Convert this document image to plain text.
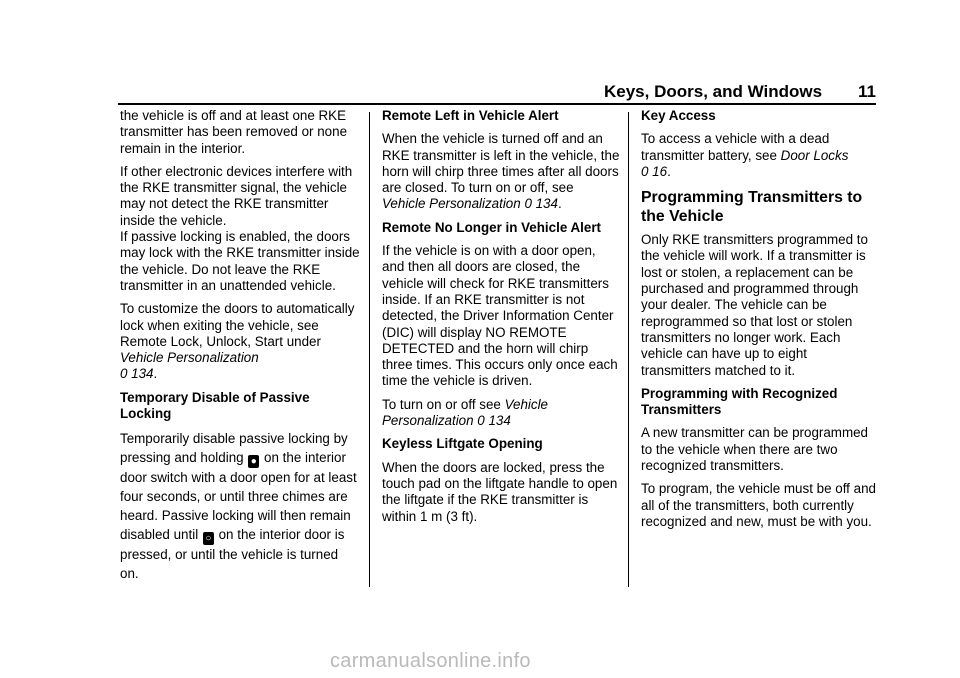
Keys, Doors, and Windows 11

the vehicle is off and at least one RKE transmitter has been removed or none remain in the interior.

If other electronic devices interfere with the RKE transmitter signal, the vehicle may not detect the RKE transmitter inside the vehicle.

If passive locking is enabled, the doors may lock with the RKE transmitter inside the vehicle. Do not leave the RKE transmitter in an unattended vehicle.

To customize the doors to automatically lock when exiting the vehicle, see Remote Lock, Unlock, Start under Vehicle Personalization
0 134.

Temporary Disable of Passive Locking

Temporarily disable passive locking by pressing and holding ● on the interior door switch with a door open for at least four seconds, or until three chimes are heard. Passive locking will then remain disabled until ○ on the interior door is pressed, or until the vehicle is turned on.

Remote Left in Vehicle Alert

When the vehicle is turned off and an RKE transmitter is left in the vehicle, the horn will chirp three times after all doors are closed. To turn on or off, see Vehicle Personalization 0 134.

Remote No Longer in Vehicle Alert

If the vehicle is on with a door open, and then all doors are closed, the vehicle will check for RKE transmitters inside. If an RKE transmitter is not detected, the Driver Information Center (DIC) will display NO REMOTE DETECTED and the horn will chirp three times. This occurs only once each time the vehicle is driven.

To turn on or off see Vehicle Personalization 0 134

Keyless Liftgate Opening

When the doors are locked, press the touch pad on the liftgate handle to open the liftgate if the RKE transmitter is within 1 m (3 ft).

Key Access

To access a vehicle with a dead transmitter battery, see Door Locks
0 16.

Programming Transmitters to the Vehicle

Only RKE transmitters programmed to the vehicle will work. If a transmitter is lost or stolen, a replacement can be purchased and programmed through your dealer. The vehicle can be reprogrammed so that lost or stolen transmitters no longer work. Each vehicle can have up to eight transmitters matched to it.

Programming with Recognized Transmitters

A new transmitter can be programmed to the vehicle when there are two recognized transmitters.

To program, the vehicle must be off and all of the transmitters, both currently recognized and new, must be with you.

carmanualsonline.info
